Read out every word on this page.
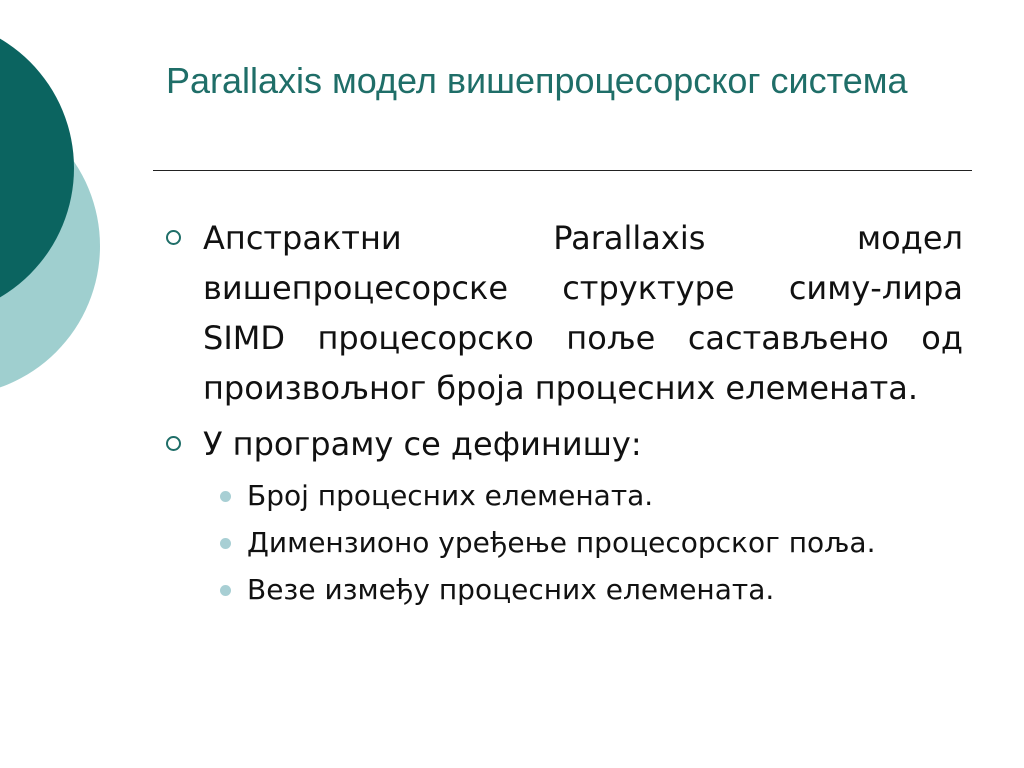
Parallaxis модел вишепроцесорског система
Апстрактни Parallaxis модел вишепроцесорске структуре симу-лира SIMD процесорско поље састављено од произвољног броја процесних елемената.
У програму се дефинишу:
Број процесних елемената.
Димензионо уређење процесорског поља.
Везе између процесних елемената.
